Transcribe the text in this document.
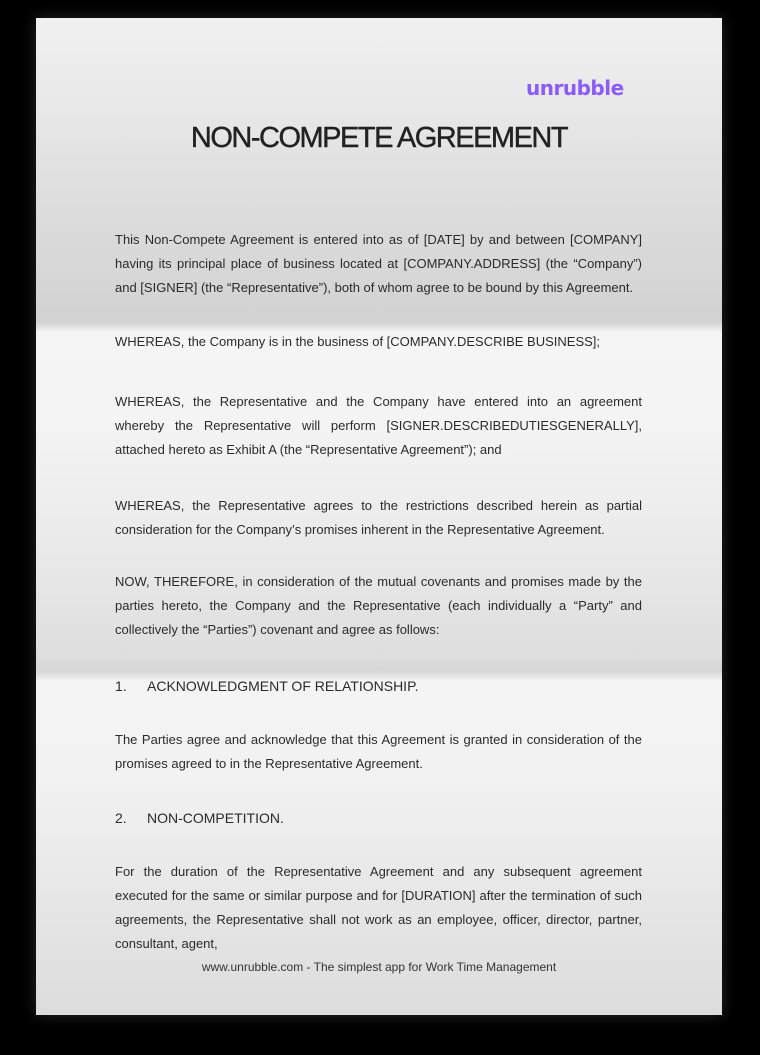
unrubble
NON-COMPETE AGREEMENT

This Non-Compete Agreement is entered into as of [DATE] by and between [COMPANY] having its principal place of business located at [COMPANY.ADDRESS] (the “Company”) and [SIGNER] (the “Representative”), both of whom agree to be bound by this Agreement.

WHEREAS, the Company is in the business of [COMPANY.DESCRIBE BUSINESS];

WHEREAS, the Representative and the Company have entered into an agreement whereby the Representative will perform [SIGNER.DESCRIBEDUTIESGENERALLY], attached hereto as Exhibit A (the “Representative Agreement”); and

WHEREAS, the Representative agrees to the restrictions described herein as partial consideration for the Company’s promises inherent in the Representative Agreement.

NOW, THEREFORE, in consideration of the mutual covenants and promises made by the parties hereto, the Company and the Representative (each individually a “Party” and collectively the “Parties”) covenant and agree as follows:

1. ACKNOWLEDGMENT OF RELATIONSHIP.

The Parties agree and acknowledge that this Agreement is granted in consideration of the promises agreed to in the Representative Agreement.

2. NON-COMPETITION.

For the duration of the Representative Agreement and any subsequent agreement executed for the same or similar purpose and for [DURATION] after the termination of such agreements, the Representative shall not work as an employee, officer, director, partner, consultant, agent,

www.unrubble.com - The simplest app for Work Time Management
